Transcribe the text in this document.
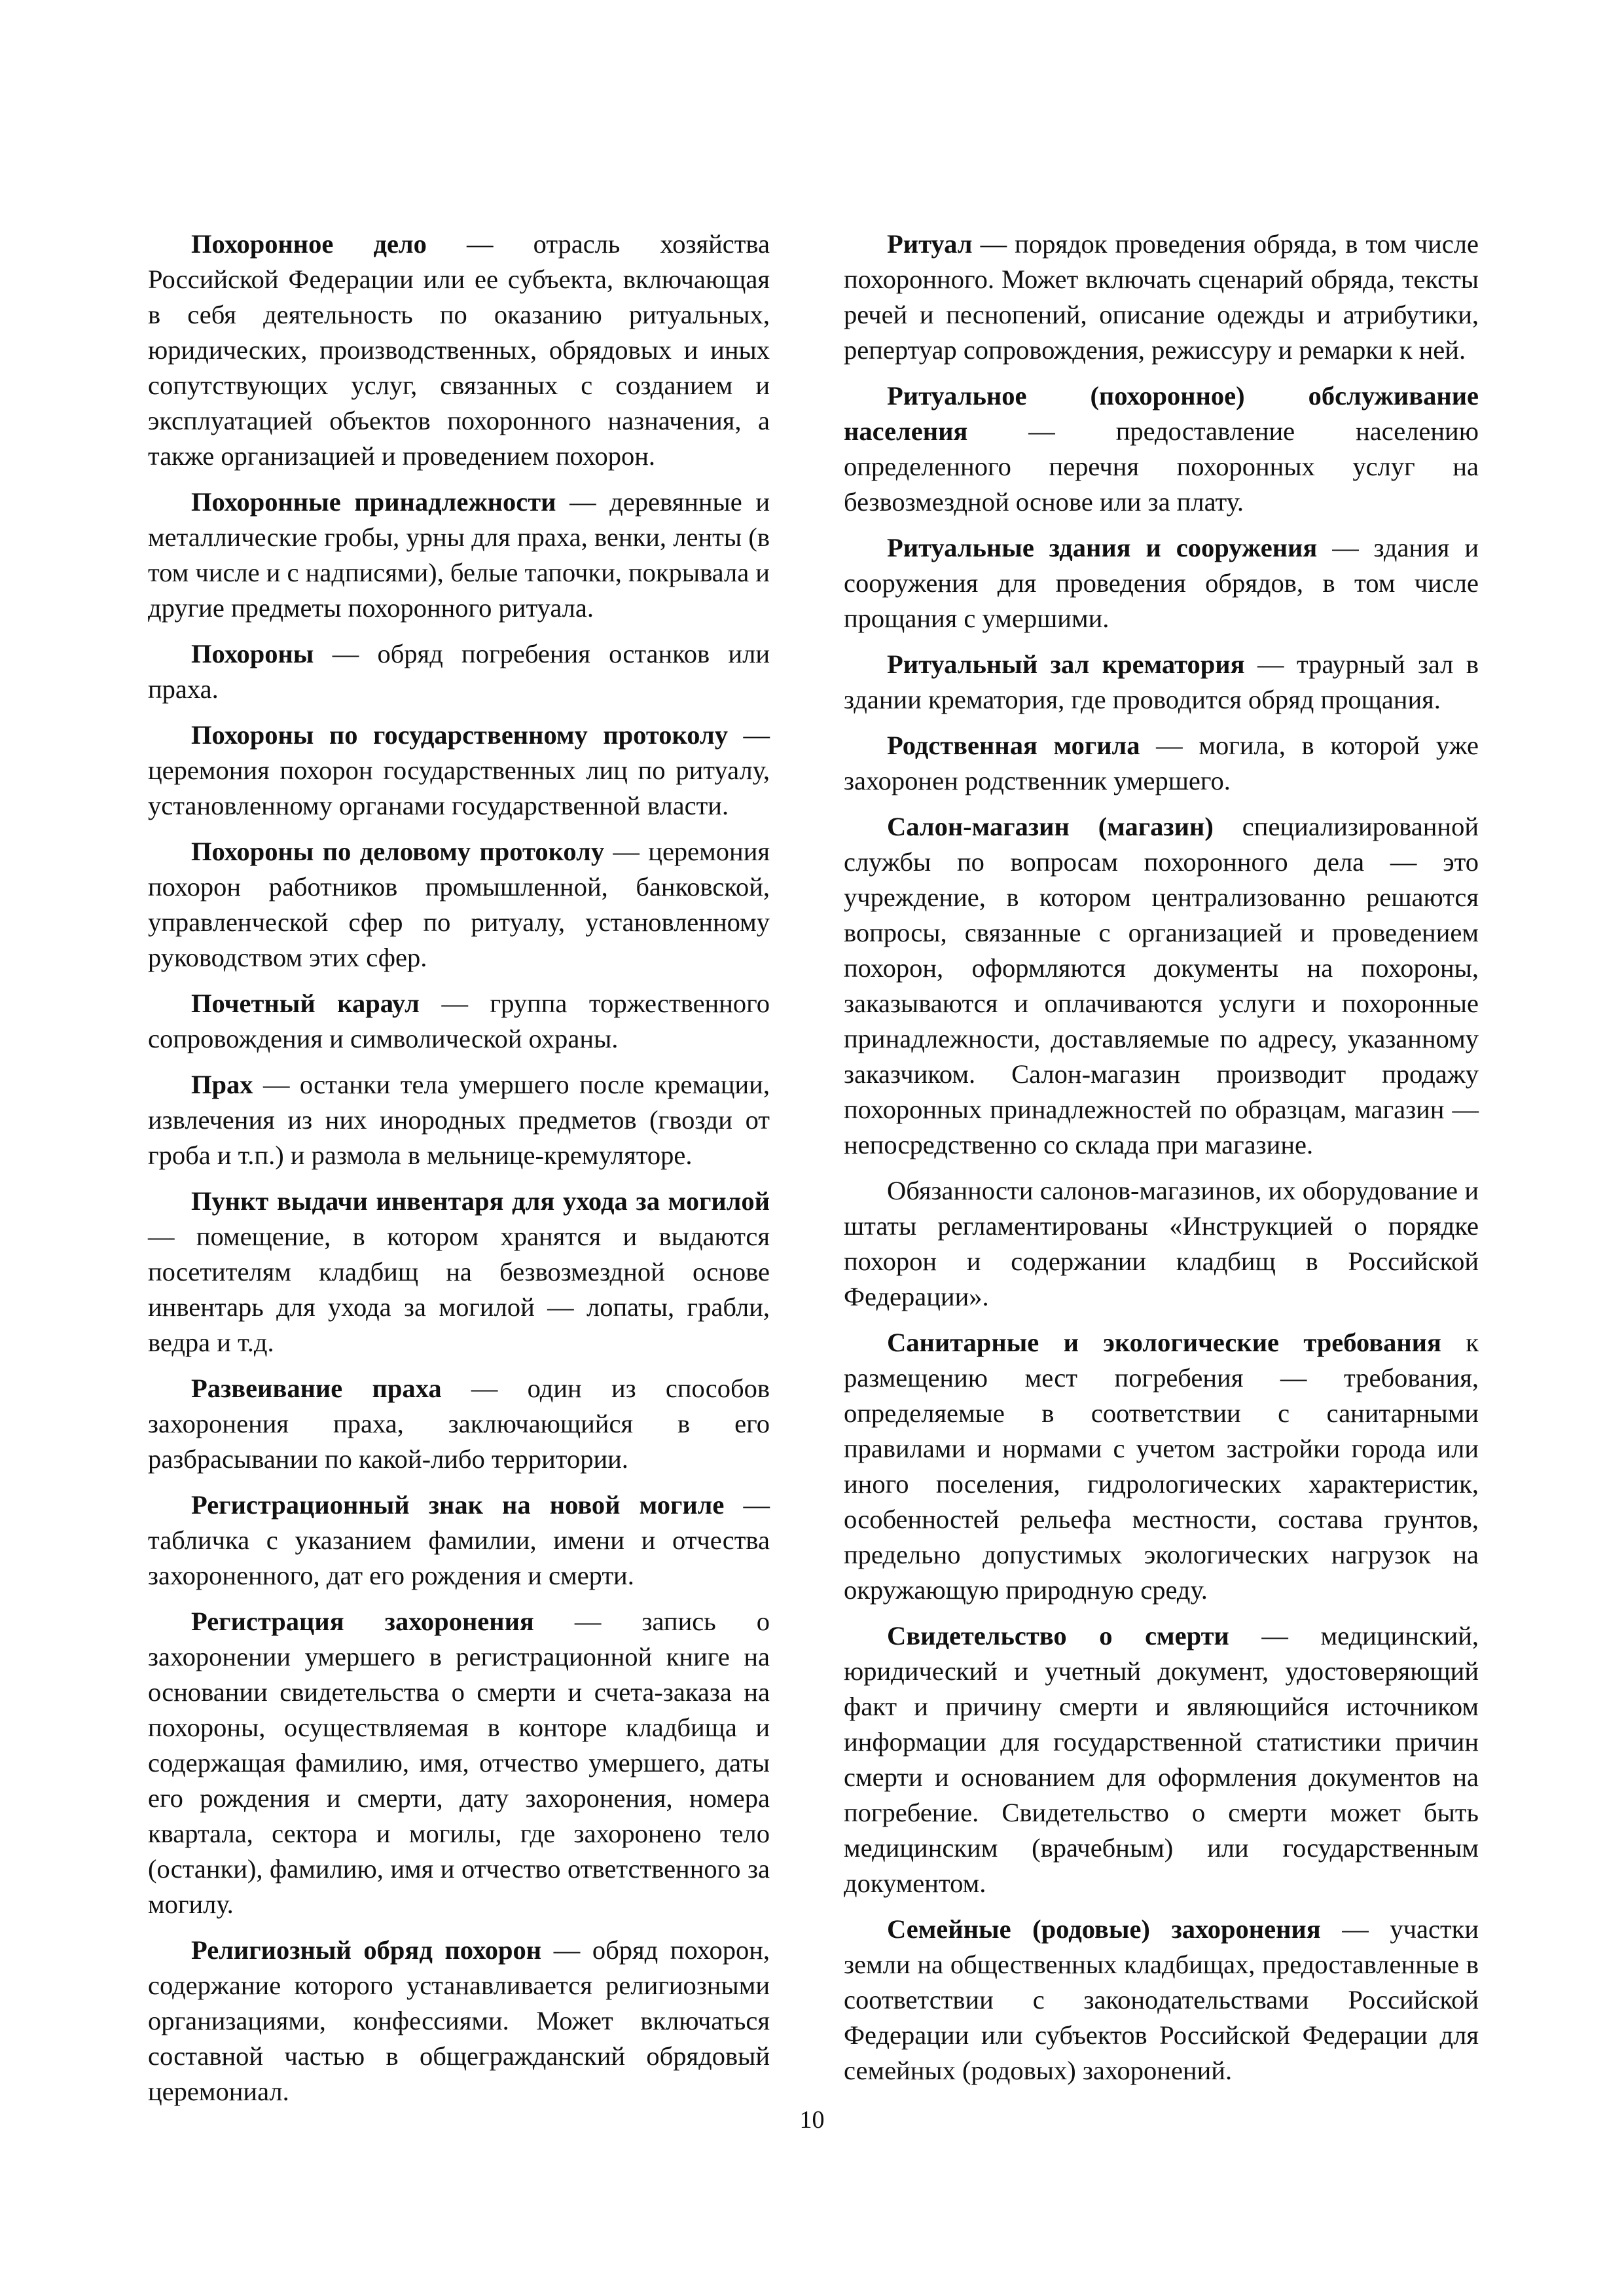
Похоронное дело — отрасль хозяйства Российской Федерации или ее субъекта, включающая в себя деятельность по оказанию ритуальных, юридических, производственных, обрядовых и иных сопутствующих услуг, связанных с созданием и эксплуатацией объектов похоронного назначения, а также организацией и проведением похорон.

Похоронные принадлежности — деревянные и металлические гробы, урны для праха, венки, ленты (в том числе и с надписями), белые тапочки, покрывала и другие предметы похоронного ритуала.

Похороны — обряд погребения останков или праха.

Похороны по государственному протоколу — церемония похорон государственных лиц по ритуалу, установленному органами государственной власти.

Похороны по деловому протоколу — церемония похорон работников промышленной, банковской, управленческой сфер по ритуалу, установленному руководством этих сфер.

Почетный караул — группа торжественного сопровождения и символической охраны.

Прах — останки тела умершего после кремации, извлечения из них инородных предметов (гвозди от гроба и т.п.) и размола в мельнице-кремуляторе.

Пункт выдачи инвентаря для ухода за могилой — помещение, в котором хранятся и выдаются посетителям кладбищ на безвозмездной основе инвентарь для ухода за могилой — лопаты, грабли, ведра и т.д.

Развеивание праха — один из способов захоронения праха, заключающийся в его разбрасывании по какой-либо территории.

Регистрационный знак на новой могиле — табличка с указанием фамилии, имени и отчества захороненного, дат его рождения и смерти.

Регистрация захоронения — запись о захоронении умершего в регистрационной книге на основании свидетельства о смерти и счета-заказа на похороны, осуществляемая в конторе кладбища и содержащая фамилию, имя, отчество умершего, даты его рождения и смерти, дату захоронения, номера квартала, сектора и могилы, где захоронено тело (останки), фамилию, имя и отчество ответственного за могилу.

Религиозный обряд похорон — обряд похорон, содержание которого устанавливается религиозными организациями, конфессиями. Может включаться составной частью в общегражданский обрядовый церемониал.

Ритуал — порядок проведения обряда, в том числе похоронного. Может включать сценарий обряда, тексты речей и песнопений, описание одежды и атрибутики, репертуар сопровождения, режиссуру и ремарки к ней.

Ритуальное (похоронное) обслуживание населения — предоставление населению определенного перечня похоронных услуг на безвозмездной основе или за плату.

Ритуальные здания и сооружения — здания и сооружения для проведения обрядов, в том числе прощания с умершими.

Ритуальный зал крематория — траурный зал в здании крематория, где проводится обряд прощания.

Родственная могила — могила, в которой уже захоронен родственник умершего.

Салон-магазин (магазин) специализированной службы по вопросам похоронного дела — это учреждение, в котором централизованно решаются вопросы, связанные с организацией и проведением похорон, оформляются документы на похороны, заказываются и оплачиваются услуги и похоронные принадлежности, доставляемые по адресу, указанному заказчиком. Салон-магазин производит продажу похоронных принадлежностей по образцам, магазин — непосредственно со склада при магазине.

Обязанности салонов-магазинов, их оборудование и штаты регламентированы «Инструкцией о порядке похорон и содержании кладбищ в Российской Федерации».

Санитарные и экологические требования к размещению мест погребения — требования, определяемые в соответствии с санитарными правилами и нормами с учетом застройки города или иного поселения, гидрологических характеристик, особенностей рельефа местности, состава грунтов, предельно допустимых экологических нагрузок на окружающую природную среду.

Свидетельство о смерти — медицинский, юридический и учетный документ, удостоверяющий факт и причину смерти и являющийся источником информации для государственной статистики причин смерти и основанием для оформления документов на погребение. Свидетельство о смерти может быть медицинским (врачебным) или государственным документом.

Семейные (родовые) захоронения — участки земли на общественных кладбищах, предоставленные в соответствии с законодательствами Российской Федерации или субъектов Российской Федерации для семейных (родовых) захоронений.

10
